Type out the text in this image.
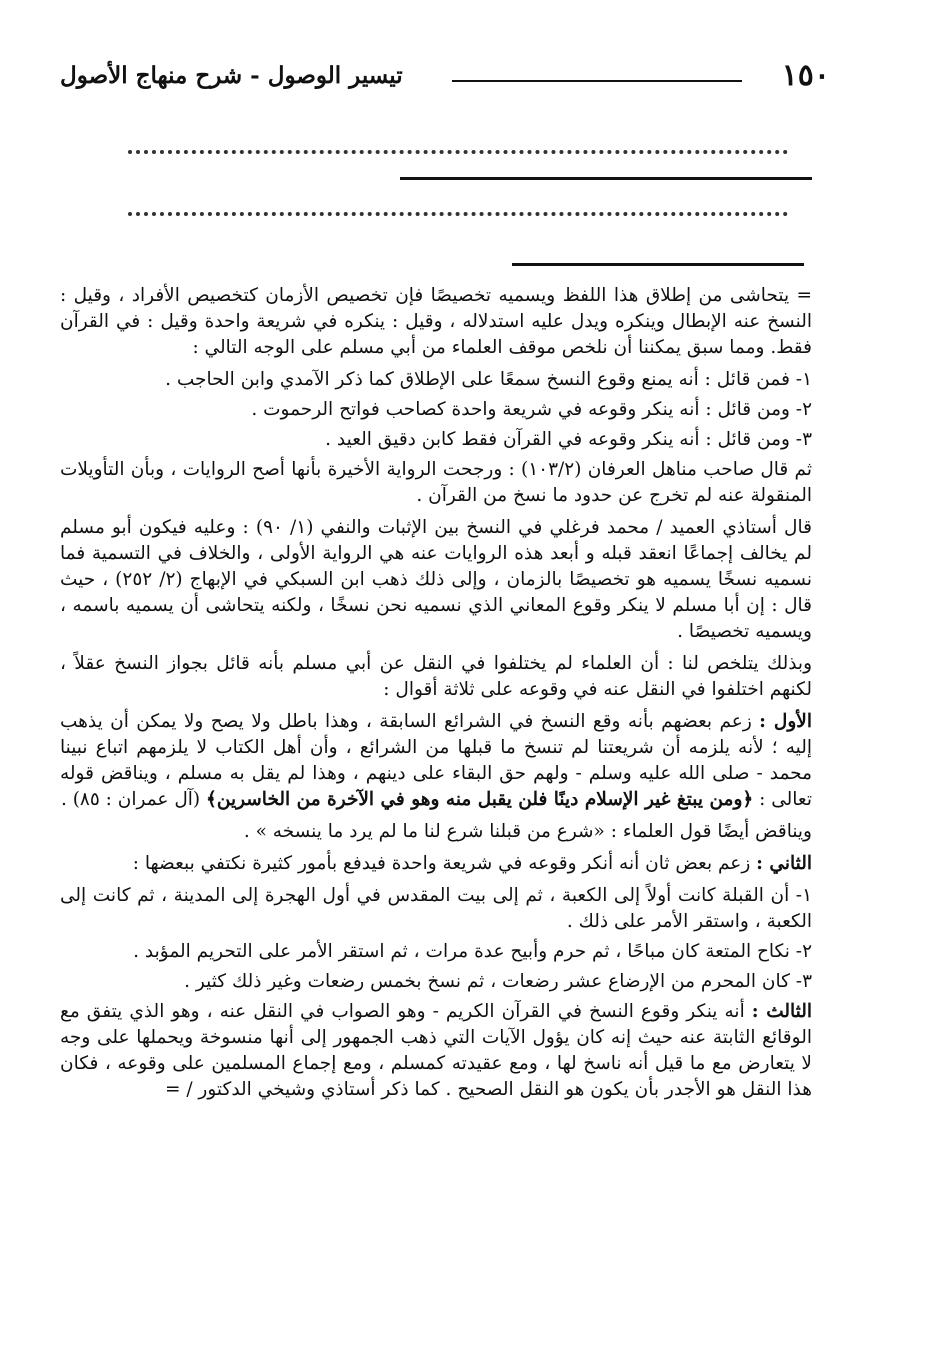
١٥٠
تيسير الوصول - شرح منهاج الأصول

= يتحاشى من إطلاق هذا اللفظ ويسميه تخصيصًا فإن تخصيص الأزمان كتخصيص الأفراد ، وقيل : النسخ عنه الإبطال وينكره ويدل عليه استدلاله ، وقيل : ينكره في شريعة واحدة وقيل : في القرآن فقط. ومما سبق يمكننا أن نلخص موقف العلماء من أبي مسلم على الوجه التالي :

١- فمن قائل : أنه يمنع وقوع النسخ سمعًا على الإطلاق كما ذكر الآمدي وابن الحاجب .

٢- ومن قائل : أنه ينكر وقوعه في شريعة واحدة كصاحب فواتح الرحموت .

٣- ومن قائل : أنه ينكر وقوعه في القرآن فقط كابن دقيق العيد .

ثم قال صاحب مناهل العرفان (١٠٣/٢) : ورجحت الرواية الأخيرة بأنها أصح الروايات ، وبأن التأويلات المنقولة عنه لم تخرج عن حدود ما نسخ من القرآن .

قال أستاذي العميد / محمد فرغلي في النسخ بين الإثبات والنفي (١/ ٩٠) : وعليه فيكون أبو مسلم لم يخالف إجماعًا انعقد قبله و أبعد هذه الروايات عنه هي الرواية الأولى ، والخلاف في التسمية فما نسميه نسخًا يسميه هو تخصيصًا بالزمان ، وإلى ذلك ذهب ابن السبكي في الإبهاج (٢/ ٢٥٢) ، حيث قال : إن أبا مسلم لا ينكر وقوع المعاني الذي نسميه نحن نسخًا ، ولكنه يتحاشى أن يسميه باسمه ، ويسميه تخصيصًا .

وبذلك يتلخص لنا : أن العلماء لم يختلفوا في النقل عن أبي مسلم بأنه قائل بجواز النسخ عقلاً ، لكنهم اختلفوا في النقل عنه في وقوعه على ثلاثة أقوال :

الأول : زعم بعضهم بأنه وقع النسخ في الشرائع السابقة ، وهذا باطل ولا يصح ولا يمكن أن يذهب إليه ؛ لأنه يلزمه أن شريعتنا لم تنسخ ما قبلها من الشرائع ، وأن أهل الكتاب لا يلزمهم اتباع نبينا محمد - صلى الله عليه وسلم - ولهم حق البقاء على دينهم ، وهذا لم يقل به مسلم ، ويناقض قوله تعالى : ﴿ومن يبتغ غير الإسلام دينًا فلن يقبل منه وهو في الآخرة من الخاسرين﴾ (آل عمران : ٨٥) .

ويناقض أيضًا قول العلماء : «شرع من قبلنا شرع لنا ما لم يرد ما ينسخه » .

الثاني : زعم بعض ثان أنه أنكر وقوعه في شريعة واحدة فيدفع بأمور كثيرة نكتفي ببعضها :

١- أن القبلة كانت أولاً إلى الكعبة ، ثم إلى بيت المقدس في أول الهجرة إلى المدينة ، ثم كانت إلى الكعبة ، واستقر الأمر على ذلك .

٢- نكاح المتعة كان مباحًا ، ثم حرم وأبيح عدة مرات ، ثم استقر الأمر على التحريم المؤبد .

٣- كان المحرم من الإرضاع عشر رضعات ، ثم نسخ بخمس رضعات وغير ذلك كثير .

الثالث : أنه ينكر وقوع النسخ في القرآن الكريم - وهو الصواب في النقل عنه ، وهو الذي يتفق مع الوقائع الثابتة عنه حيث إنه كان يؤول الآيات التي ذهب الجمهور إلى أنها منسوخة ويحملها على وجه لا يتعارض مع ما قيل أنه ناسخ لها ، ومع عقيدته كمسلم ، ومع إجماع المسلمين على وقوعه ، فكان هذا النقل هو الأجدر بأن يكون هو النقل الصحيح . كما ذكر أستاذي وشيخي الدكتور / =
